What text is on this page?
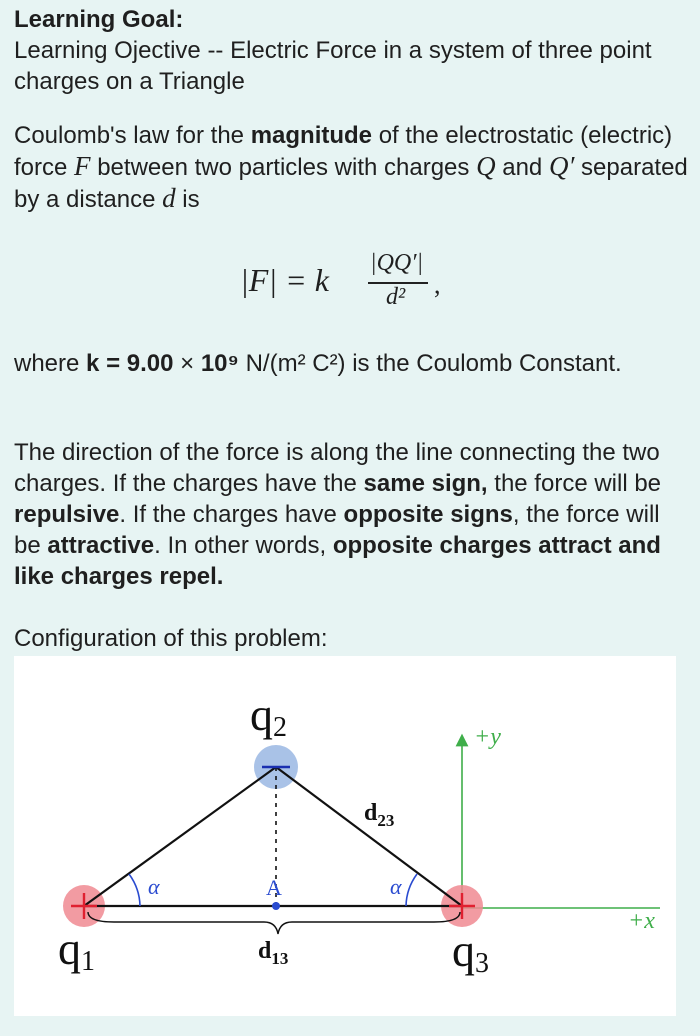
Learning Goal:

Learning Ojective -- Electric Force in a system of three point charges on a Triangle

Coulomb's law for the magnitude of the electrostatic (electric) force F between two particles with charges Q and Q′ separated by a distance d is

|F| = k |QQ′|
d² ,

where k = 9.00 × 10⁹ N/(m² C²) is the Coulomb Constant.

The direction of the force is along the line connecting the two charges. If the charges have the same sign, the force will be repulsive. If the charges have opposite signs, the force will be attractive. In other words, opposite charges attract and like charges repel.

Configuration of this problem:

q2
q1	q3
$d_{23}$
$d_{13}$
α	α
A
+y
+x
